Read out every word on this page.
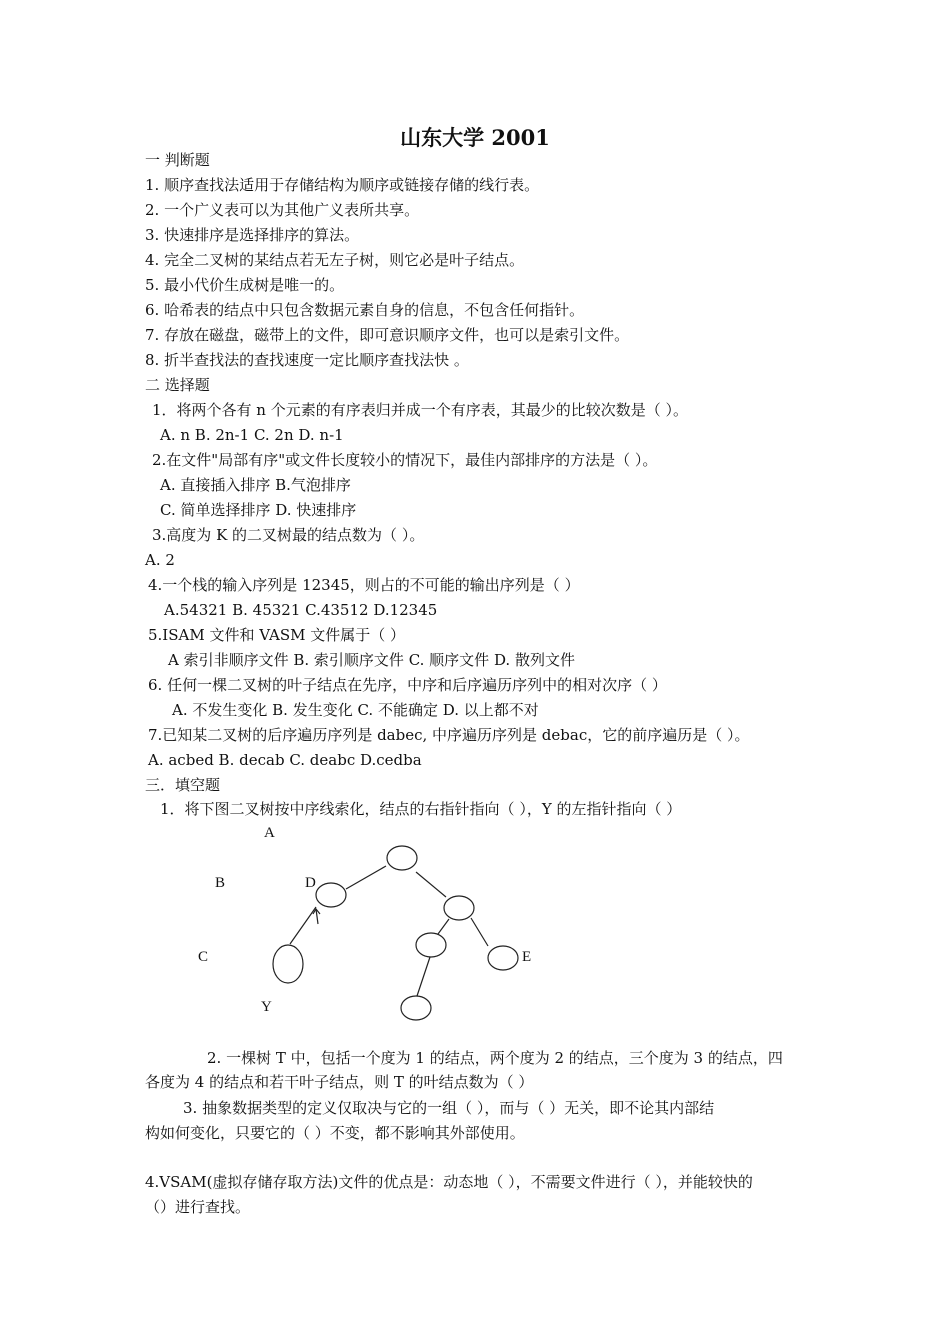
山东大学 2001
一 判断题
1. 顺序查找法适用于存储结构为顺序或链接存储的线行表。
2. 一个广义表可以为其他广义表所共享。
3. 快速排序是选择排序的算法。
4. 完全二叉树的某结点若无左子树，则它必是叶子结点。
5. 最小代价生成树是唯一的。
6. 哈希表的结点中只包含数据元素自身的信息，不包含任何指针。
7. 存放在磁盘，磁带上的文件，即可意识顺序文件，也可以是索引文件。
8. 折半查找法的查找速度一定比顺序查找法快 。
二 选择题
1．将两个各有 n 个元素的有序表归并成一个有序表，其最少的比较次数是（ ）。
A. n B. 2n-1 C. 2n D. n-1
2.在文件"局部有序"或文件长度较小的情况下，最佳内部排序的方法是（ ）。
A. 直接插入排序 B.气泡排序
C. 简单选择排序 D. 快速排序
3.高度为 K 的二叉树最的结点数为（ ）。
A. 2
4.一个栈的输入序列是 12345，则占的不可能的输出序列是（ ）
A.54321 B. 45321 C.43512 D.12345
5.ISAM 文件和 VASM 文件属于（ ）
A 索引非顺序文件 B. 索引顺序文件 C. 顺序文件 D. 散列文件
6. 任何一棵二叉树的叶子结点在先序，中序和后序遍历序列中的相对次序（ ）
A. 不发生变化 B. 发生变化 C. 不能确定 D. 以上都不对
7.已知某二叉树的后序遍历序列是 dabec, 中序遍历序列是 debac，它的前序遍历是（ ）。
A. acbed B. decab C. deabc D.cedba
三．填空题
1．将下图二叉树按中序线索化，结点的右指针指向（ ），Y 的左指针指向（ ）
A
B	D
C	E
Y
2. 一棵树 T 中，包括一个度为 1 的结点，两个度为 2 的结点，三个度为 3 的结点，四
各度为 4 的结点和若干叶子结点，则 T 的叶结点数为（ ）
3. 抽象数据类型的定义仅取决与它的一组（ ），而与（ ）无关，即不论其内部结
构如何变化，只要它的（ ）不变，都不影响其外部使用。
4.VSAM(虚拟存储存取方法)文件的优点是：动态地（ ），不需要文件进行（ ），并能较快的
（）进行查找。
